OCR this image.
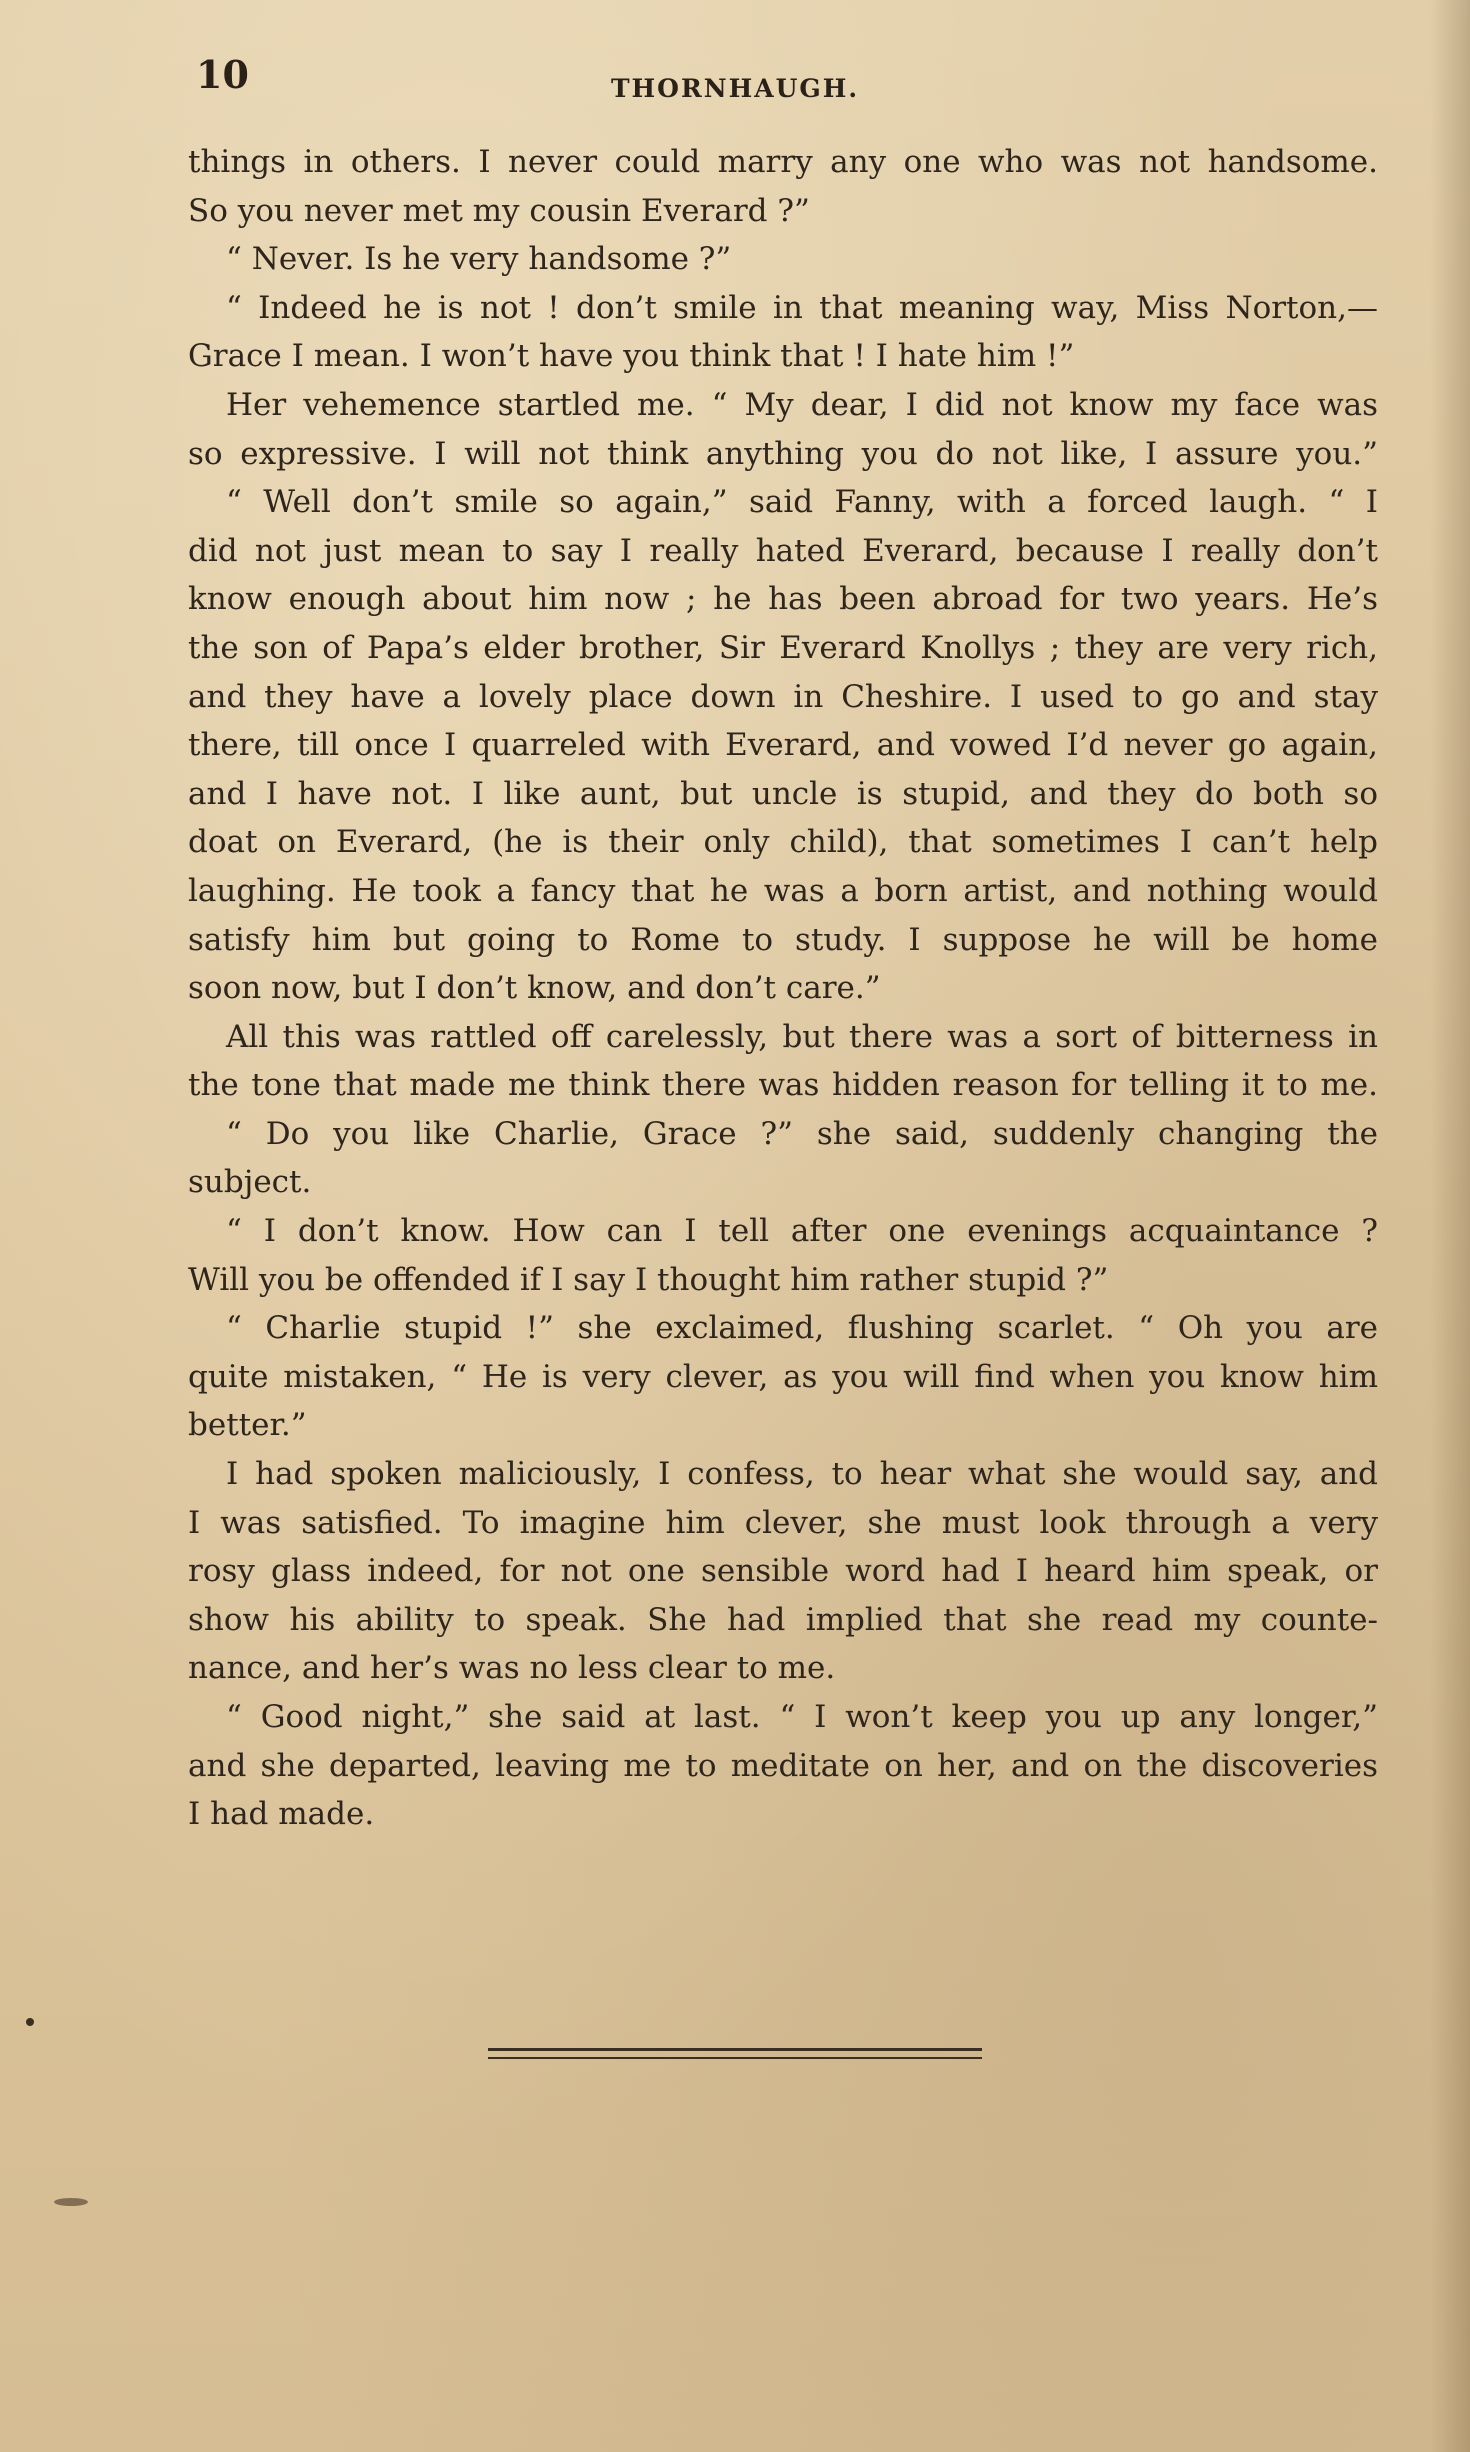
10	THORNHAUGH.
things in others. I never could marry any one who was not handsome.
So you never met my cousin Everard ?”
“ Never. Is he very handsome ?”
“ Indeed he is not ! don’t smile in that meaning way, Miss Norton,—
Grace I mean. I won’t have you think that ! I hate him !”
Her vehemence startled me. “ My dear, I did not know my face was
so expressive. I will not think anything you do not like, I assure you.”
“ Well don’t smile so again,” said Fanny, with a forced laugh. “ I
did not just mean to say I really hated Everard, because I really don’t
know enough about him now ; he has been abroad for two years. He’s
the son of Papa’s elder brother, Sir Everard Knollys ; they are very rich,
and they have a lovely place down in Cheshire. I used to go and stay
there, till once I quarreled with Everard, and vowed I’d never go again,
and I have not. I like aunt, but uncle is stupid, and they do both so
doat on Everard, (he is their only child), that sometimes I can’t help
laughing. He took a fancy that he was a born artist, and nothing would
satisfy him but going to Rome to study. I suppose he will be home
soon now, but I don’t know, and don’t care.”
All this was rattled off carelessly, but there was a sort of bitterness in
the tone that made me think there was hidden reason for telling it to me.
“ Do you like Charlie, Grace ?” she said, suddenly changing the
subject.
“ I don’t know. How can I tell after one evenings acquaintance ?
Will you be offended if I say I thought him rather stupid ?”
“ Charlie stupid !” she exclaimed, flushing scarlet. “ Oh you are
quite mistaken, “ He is very clever, as you will find when you know him
better.”
I had spoken maliciously, I confess, to hear what she would say, and
I was satisfied. To imagine him clever, she must look through a very
rosy glass indeed, for not one sensible word had I heard him speak, or
show his ability to speak. She had implied that she read my counte-
nance, and her’s was no less clear to me.
“ Good night,” she said at last. “ I won’t keep you up any longer,”
and she departed, leaving me to meditate on her, and on the discoveries
I had made.
